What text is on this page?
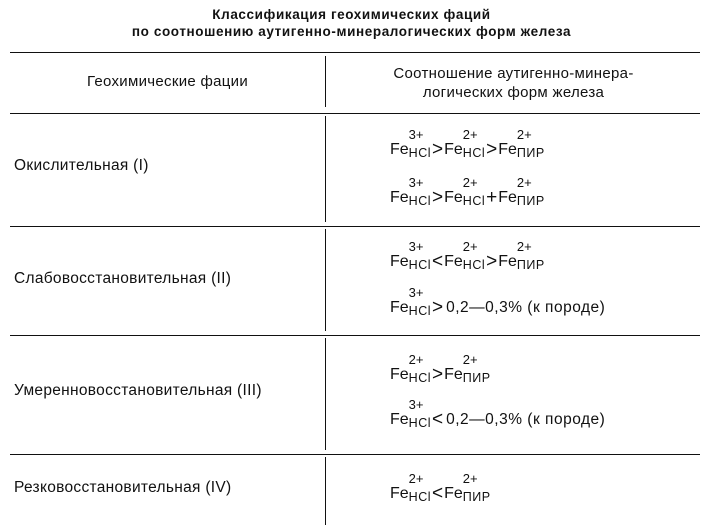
Классификация геохимических фаций
по соотношению аутигенно-минералогических форм железа
Геохимические фации	Соотношение аутигенно-минера-
логических форм железа
Окислительная (I)
Fe
3+
HCl >Fe
2+
HCl >Fe
2+
ПИР
Fe
3+
HCl >Fe
2+
HCl +Fe
2+
ПИР
Слабовосстановительная (II)
Fe
3+
HCl <Fe
2+
HCl >Fe
2+
ПИР
Fe
3+
HCl > 0,2—0,3% (к породе)
Умеренновосстановительная (III)
Fe
2+
HCl >Fe
2+
ПИР
Fe
3+
HCl < 0,2—0,3% (к породе)
Резковосстановительная (IV)	Fe
2+
HCl <Fe
2+
ПИР
